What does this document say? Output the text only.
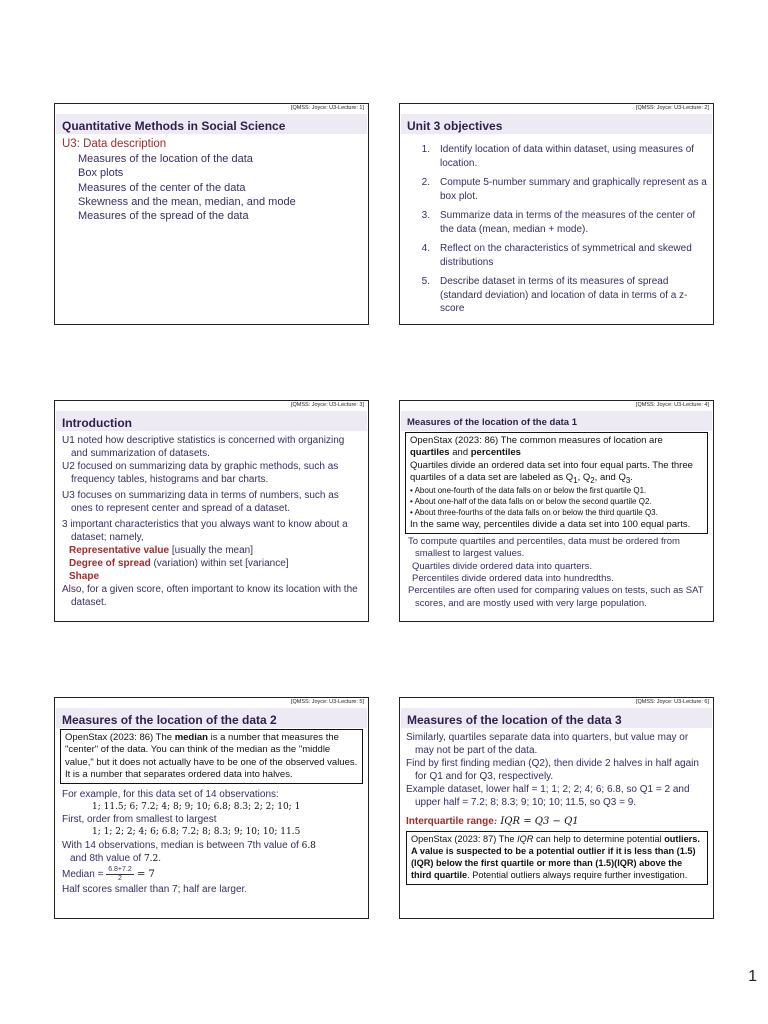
[QMSS: Joyce: U3-Lecture: 1]
Quantitative Methods in Social Science
U3: Data description
Measures of the location of the data
Box plots
Measures of the center of the data
Skewness and the mean, median, and mode
Measures of the spread of the data
[QMSS: Joyce: U3-Lecture: 2]
Unit 3 objectives
1.	Identify location of data within dataset, using measures of location.
2.	Compute 5-number summary and graphically represent as a box plot.
3.	Summarize data in terms of the measures of the center of the data (mean, median + mode).
4.	Reflect on the characteristics of symmetrical and skewed distributions
5.	Describe dataset in terms of its measures of spread (standard deviation) and location of data in terms of a z-score
[QMSS: Joyce: U3-Lecture: 3]
Introduction
U1 noted how descriptive statistics is concerned with organizing and summarization of datasets.
U2 focused on summarizing data by graphic methods, such as frequency tables, histograms and bar charts.
U3 focuses on summarizing data in terms of numbers, such as ones to represent center and spread of a dataset.
3 important characteristics that you always want to know about a dataset; namely,
Representative value [usually the mean]
Degree of spread (variation) within set [variance]
Shape
Also, for a given score, often important to know its location with the dataset.
[QMSS: Joyce: U3-Lecture: 4]
Measures of the location of the data 1
OpenStax (2023: 86) The common measures of location are quartiles and percentiles
Quartiles divide an ordered data set into four equal parts. The three quartiles of a data set are labeled as $Q_1$, $Q_2$, and $Q_3$.
• About one-fourth of the data falls on or below the first quartile Q1.
• About one-half of the data falls on or below the second quartile Q2.
• About three-fourths of the data falls on or below the third quartile Q3.
In the same way, percentiles divide a data set into 100 equal parts.
To compute quartiles and percentiles, data must be ordered from smallest to largest values.
Quartiles divide ordered data into quarters.
Percentiles divide ordered data into hundredths.
Percentiles are often used for comparing values on tests, such as SAT scores, and are mostly used with very large population.
[QMSS: Joyce: U3-Lecture: 5]
Measures of the location of the data 2
OpenStax (2023: 86) The median is a number that measures the "center" of the data. You can think of the median as the "middle value," but it does not actually have to be one of the observed values. It is a number that separates ordered data into halves.
For example, for this data set of 14 observations:
1; 11.5; 6; 7.2; 4; 8; 9; 10; 6.8; 8.3; 2; 2; 10; 1
First, order from smallest to largest
1; 1; 2; 2; 4; 6; 6.8; 7.2; 8; 8.3; 9; 10; 10; 11.5
With 14 observations, median is between 7th value of 6.8
and 8th value of 7.2.
Median = $\frac{6.8+7.2}{2} = 7$
Half scores smaller than 7; half are larger.
[QMSS: Joyce: U3-Lecture: 6]
Measures of the location of the data 3
Similarly, quartiles separate data into quarters, but value may or may not be part of the data.
Find by first finding median (Q2), then divide 2 halves in half again for Q1 and for Q3, respectively.
Example dataset, lower half = 1; 1; 2; 2; 4; 6; 6.8, so Q1 = 2 and upper half = 7.2; 8; 8.3; 9; 10; 10; 11.5, so Q3 = 9.
Interquartile range: IQR = Q3 − Q1
OpenStax (2023: 87) The IQR can help to determine potential outliers. A value is suspected to be a potential outlier if it is less than (1.5)(IQR) below the first quartile or more than (1.5)(IQR) above the third quartile. Potential outliers always require further investigation.
1
